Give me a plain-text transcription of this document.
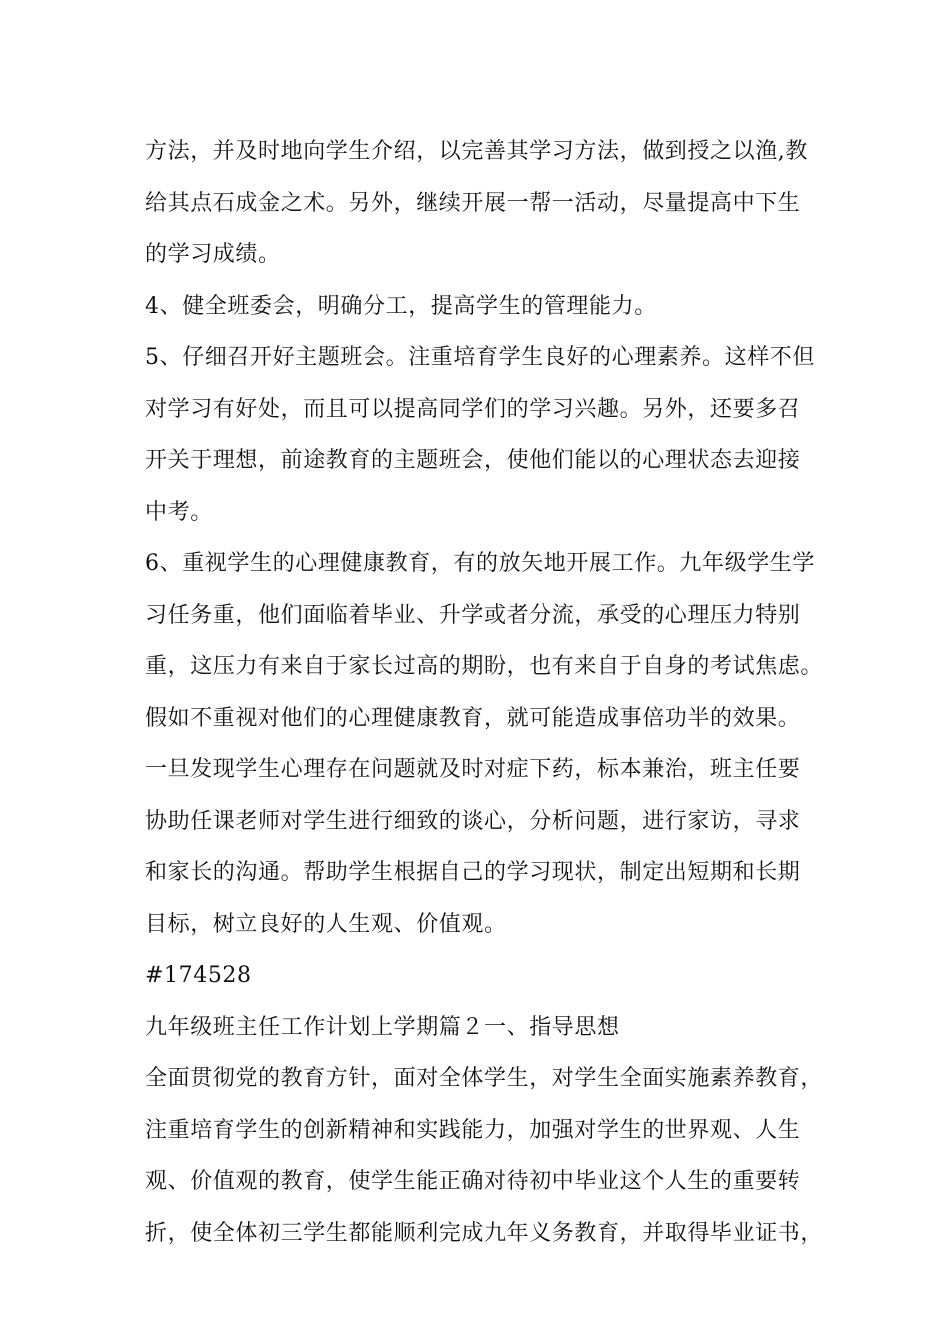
方法，并及时地向学生介绍，以完善其学习方法，做到授之以渔,教
给其点石成金之术。另外，继续开展一帮一活动，尽量提高中下生
的学习成绩。
4、健全班委会，明确分工，提高学生的管理能力。
5、仔细召开好主题班会。注重培育学生良好的心理素养。这样不但
对学习有好处，而且可以提高同学们的学习兴趣。另外，还要多召
开关于理想，前途教育的主题班会，使他们能以的心理状态去迎接
中考。
6、重视学生的心理健康教育，有的放矢地开展工作。九年级学生学
习任务重，他们面临着毕业、升学或者分流，承受的心理压力特别
重，这压力有来自于家长过高的期盼，也有来自于自身的考试焦虑。
假如不重视对他们的心理健康教育，就可能造成事倍功半的效果。
一旦发现学生心理存在问题就及时对症下药，标本兼治，班主任要
协助任课老师对学生进行细致的谈心，分析问题，进行家访，寻求
和家长的沟通。帮助学生根据自己的学习现状，制定出短期和长期
目标，树立良好的人生观、价值观。
#174528
九年级班主任工作计划上学期篇２一、指导思想
全面贯彻党的教育方针，面对全体学生，对学生全面实施素养教育，
注重培育学生的创新精神和实践能力，加强对学生的世界观、人生
观、价值观的教育，使学生能正确对待初中毕业这个人生的重要转
折，使全体初三学生都能顺利完成九年义务教育，并取得毕业证书，
